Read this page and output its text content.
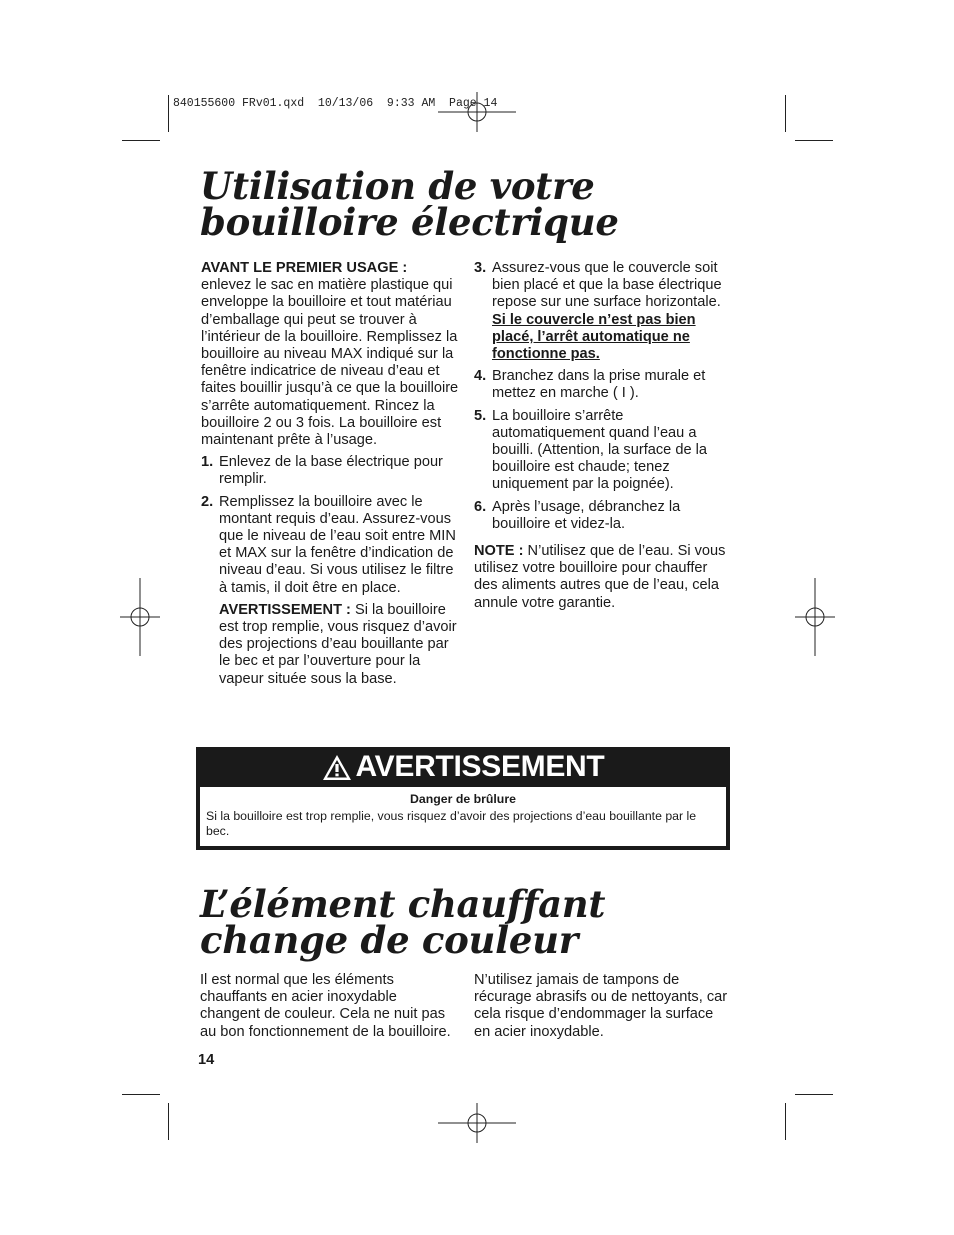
840155600 FRv01.qxd  10/13/06  9:33 AM  Page 14
Utilisation de votre
bouilloire électrique

AVANT LE PREMIER USAGE :
enlevez le sac en matière plastique qui enveloppe la bouilloire et tout matériau d’emballage qui peut se trouver à l’intérieur de la bouilloire. Remplissez la bouilloire au niveau MAX indiqué sur la fenêtre indicatrice de niveau d’eau et faites bouillir jusqu’à ce que la bouilloire s’arrête automatiquement. Rincez la bouilloire 2 ou 3 fois. La bouilloire est maintenant prête à l’usage.

1. Enlevez de la base électrique pour remplir.
2. Remplissez la bouilloire avec le montant requis d’eau. Assurez-vous que le niveau de l’eau soit entre MIN et MAX sur la fenêtre d’indication de niveau d’eau. Si vous utilisez le filtre à tamis, il doit être en place.

AVERTISSEMENT : Si la bouilloire est trop remplie, vous risquez d’avoir des projections d’eau bouillante par le bec et par l’ouverture pour la vapeur située sous la base.

3. Assurez-vous que le couvercle soit bien placé et que la base électrique repose sur une surface horizontale. Si le couvercle n’est pas bien placé, l’arrêt automatique ne fonctionne pas.
4. Branchez dans la prise murale et mettez en marche ( I ).
5. La bouilloire s’arrête automatiquement quand l’eau a bouilli. (Attention, la surface de la bouilloire est chaude; tenez uniquement par la poignée).
6. Après l’usage, débranchez la bouilloire et videz-la.

NOTE : N’utilisez que de l’eau. Si vous utilisez votre bouilloire pour chauffer des aliments autres que de l’eau, cela annule votre garantie.

AVERTISSEMENT
Danger de brûlure
Si la bouilloire est trop remplie, vous risquez d’avoir des projections d’eau bouillante par le bec.
L’élément chauffant
change de couleur

Il est normal que les éléments chauffants en acier inoxydable changent de couleur. Cela ne nuit pas au bon fonctionnement de la bouilloire.

N’utilisez jamais de tampons de récurage abrasifs ou de nettoyants, car cela risque d’endommager la surface en acier inoxydable.

14
